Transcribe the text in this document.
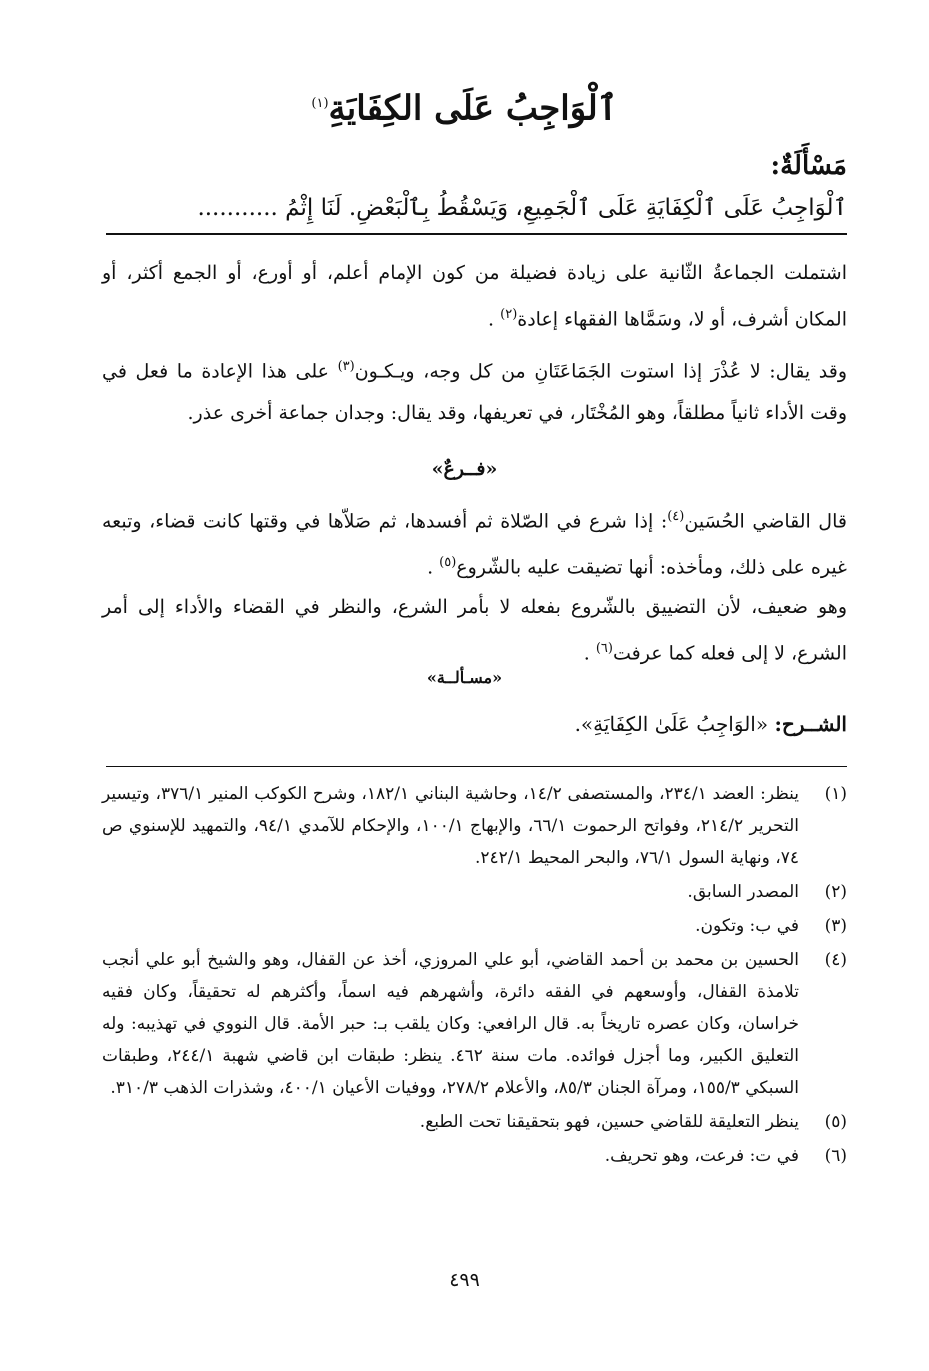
ٱلْوَاجِبُ عَلَى الكِفَايَةِ$^{(١)}$
مَسْأَلَةٌ:
ٱلْوَاجِبُ عَلَى ٱلْكِفَايَةِ عَلَى ٱلْجَمِيعِ، وَيَسْقُطُ بِٱلْبَعْضِ. لَنَا إِثْمُ ...........
اشتملت الجماعةُ الثّانية على زيادة فضيلة من كون الإمام أعلم، أو أورع، أو الجمع أكثر، أو المكان أشرف، أو لا، وسَمَّاها الفقهاء إعادة$^{(٢)}$ .
وقد يقال: لا عُذْرَ إذا استوت الجَمَاعَتَانِ من كل وجه، ويـكـون$^{(٣)}$ على هذا الإعادة ما فعل في وقت الأداء ثانياً مطلقاً، وهو المُخْتَار، في تعريفها، وقد يقال: وجدان جماعة أخرى عذر.
«فــرعٌ»
قال القاضي الحُسَين$^{(٤)}$: إذا شرع في الصّلاة ثم أفسدها، ثم صَلاّها في وقتها كانت قضاء، وتبعه غيره على ذلك، ومأخذه: أنها تضيقت عليه بالشّروع$^{(٥)}$ .
وهو ضعيف، لأن التضييق بالشّروع بفعله لا بأمر الشرع، والنظر في القضاء والأداء إلى أمر الشرع، لا إلى فعله كما عرفت$^{(٦)}$ .
«مسـألــة»
الشــرح: «الوَاجِبُ عَلَىٰ الكِفَايَةِ».
(١)
ينظر: العضد ٢٣٤/١، والمستصفى ١٤/٢، وحاشية البناني ١٨٢/١، وشرح الكوكب المنير ٣٧٦/١، وتيسير التحرير ٢١٤/٢، وفواتح الرحموت ٦٦/١، والإبهاج ١٠٠/١، والإحكام للآمدي ٩٤/١، والتمهيد للإسنوي ص ٧٤، ونهاية السول ٧٦/١، والبحر المحيط ٢٤٢/١.
(٢)
المصدر السابق.
(٣)
في ب: وتكون.
(٤)
الحسين بن محمد بن أحمد القاضي، أبو علي المروزي، أخذ عن القفال، وهو والشيخ أبو علي أنجب تلامذة القفال، وأوسعهم في الفقه دائرة، وأشهرهم فيه اسماً، وأكثرهم له تحقيقاً، وكان فقيه خراسان، وكان عصره تاريخاً به. قال الرافعي: وكان يلقب بـ: حبر الأمة. قال النووي في تهذيبه: وله التعليق الكبير، وما أجزل فوائده. مات سنة ٤٦٢. ينظر: طبقات ابن قاضي شهبة ٢٤٤/١، وطبقات السبكي ١٥٥/٣، ومرآة الجنان ٨٥/٣، والأعلام ٢٧٨/٢، ووفيات الأعيان ٤٠٠/١، وشذرات الذهب ٣١٠/٣.
(٥)
ينظر التعليقة للقاضي حسين، فهو بتحقيقنا تحت الطبع.
(٦)
في ت: فرعت، وهو تحريف.
٤٩٩
